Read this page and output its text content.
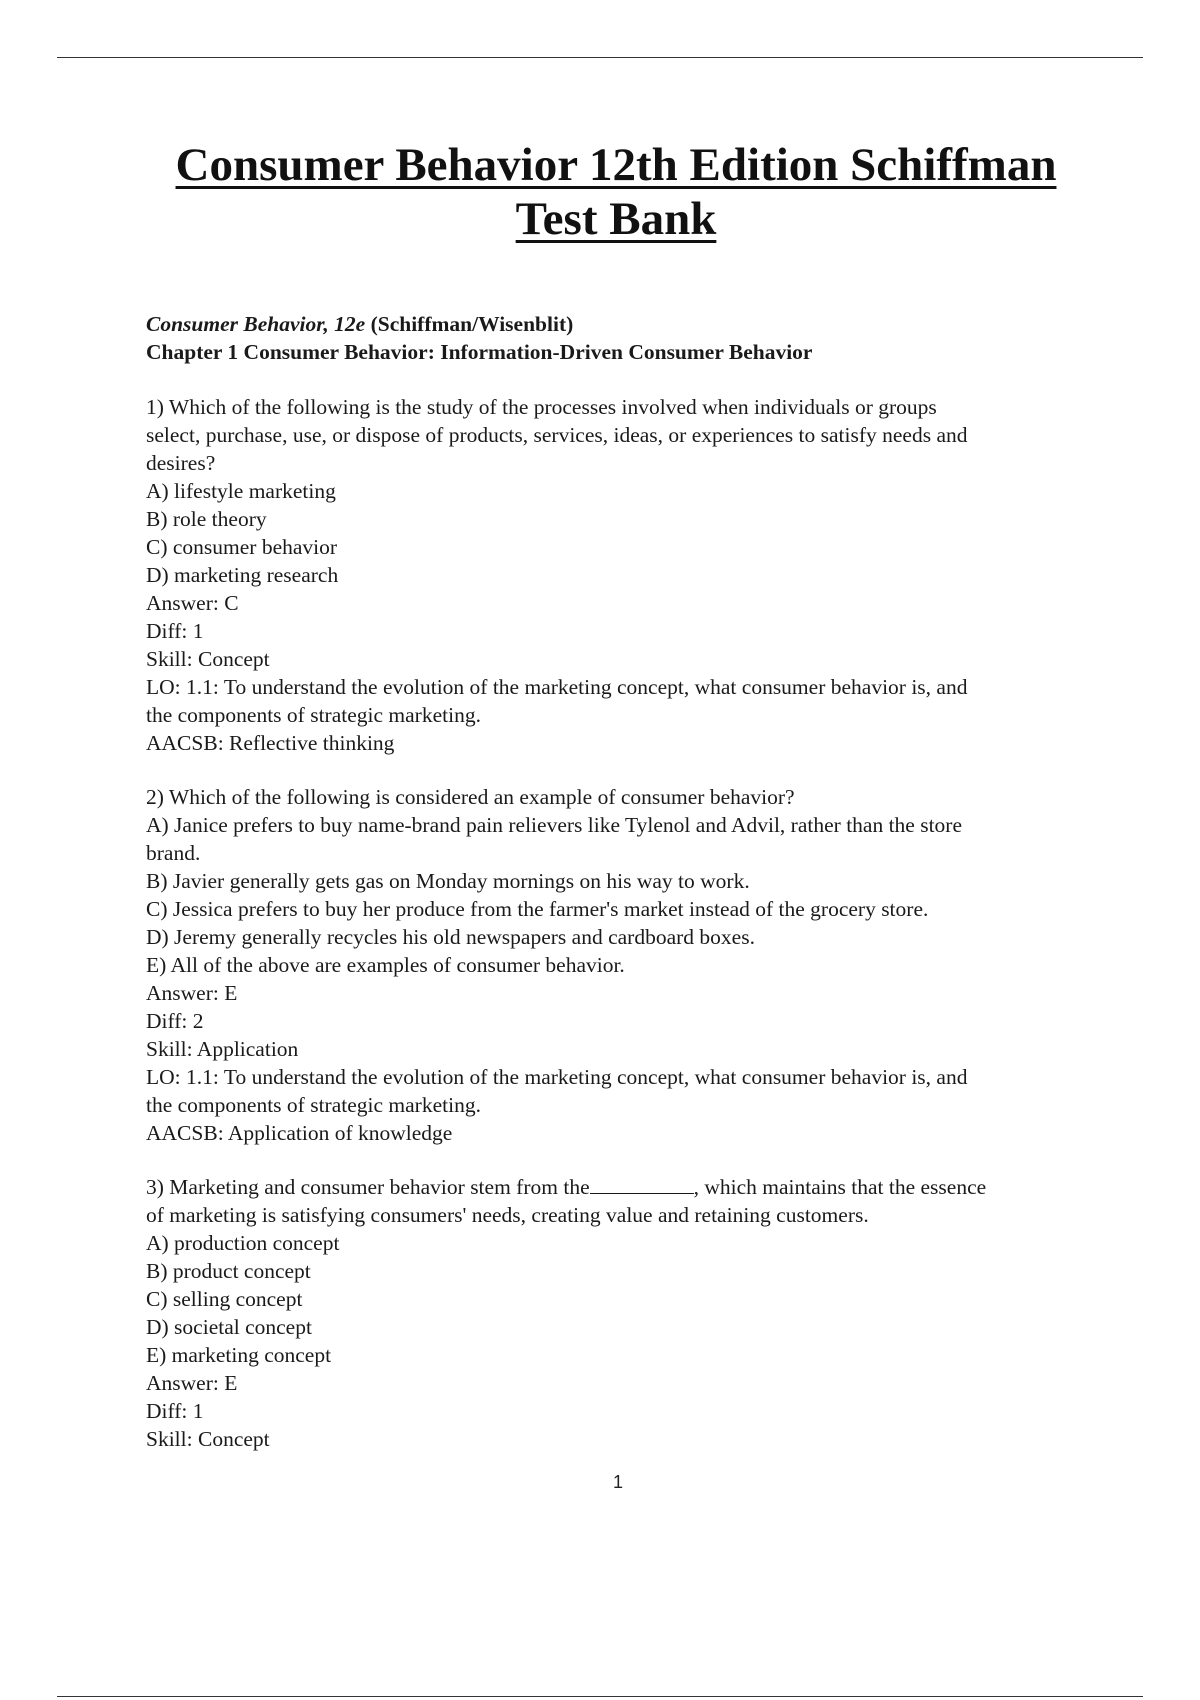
Consumer Behavior 12th Edition Schiffman
Test Bank
Consumer Behavior, 12e (Schiffman/Wisenblit)
Chapter 1 Consumer Behavior: Information-Driven Consumer Behavior
1) Which of the following is the study of the processes involved when individuals or groups
select, purchase, use, or dispose of products, services, ideas, or experiences to satisfy needs and
desires?
A) lifestyle marketing
B) role theory
C) consumer behavior
D) marketing research
Answer: C
Diff: 1
Skill: Concept
LO: 1.1: To understand the evolution of the marketing concept, what consumer behavior is, and
the components of strategic marketing.
AACSB: Reflective thinking
2) Which of the following is considered an example of consumer behavior?
A) Janice prefers to buy name-brand pain relievers like Tylenol and Advil, rather than the store
brand.
B) Javier generally gets gas on Monday mornings on his way to work.
C) Jessica prefers to buy her produce from the farmer's market instead of the grocery store.
D) Jeremy generally recycles his old newspapers and cardboard boxes.
E) All of the above are examples of consumer behavior.
Answer: E
Diff: 2
Skill: Application
LO: 1.1: To understand the evolution of the marketing concept, what consumer behavior is, and
the components of strategic marketing.
AACSB: Application of knowledge
3) Marketing and consumer behavior stem from the	, which maintains that the essence
of marketing is satisfying consumers' needs, creating value and retaining customers.
A) production concept
B) product concept
C) selling concept
D) societal concept
E) marketing concept
Answer: E
Diff: 1
Skill: Concept
1
